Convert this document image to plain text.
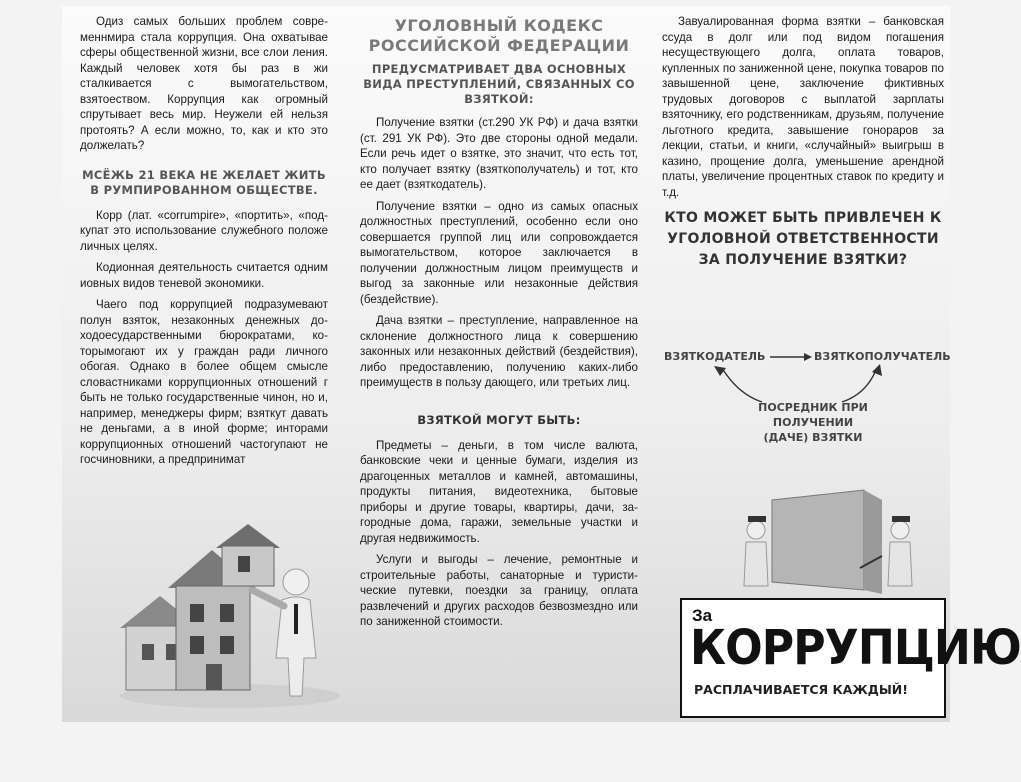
Одиз самых больших проблем современнмира стала коррупция. Она охватывае сферы общественной жизни, все слои ления. Каждый человек хотя бы раз в жи сталкивается с вымогательством, взятоеством. Коррупция как огромный спрутывает весь мир. Неужели ей нельзя протоять? А если можно, то, как и кто это должелать?

МСЁЖЬ 21 ВЕКА НЕ ЖЕЛАЕТ ЖИТЬ В РУМПИРОВАННОМ ОБЩЕСТВЕ.

Корр (лат. «corrumpire», «портить», «подкупат это использование служебного положе личных целях.

Кодионная деятельность считается одним иовных видов теневой экономики.

Чаего под коррупцией подразумевают полун взяток, незаконных денежных доходоесударственными бюрократами, которымогают их у граждан ради личного обогая. Однако в более общем смысле словастниками коррупционных отношений г быть не только государственные чинон, но и, например, менеджеры фирм; взяткут давать не деньгами, а в иной форме; инторами коррупционных отношений частогупают не госчиновники, а предпринимат

УГОЛОВНЫЙ КОДЕКС РОССИЙСКОЙ ФЕДЕРАЦИИ
ПРЕДУСМАТРИВАЕТ ДВА ОСНОВНЫХ ВИДА ПРЕСТУПЛЕНИЙ, СВЯЗАННЫХ СО ВЗЯТКОЙ:

Получение взятки (ст.290 УК РФ) и дача взятки (ст. 291 УК РФ). Это две стороны одной медали. Если речь идет о взятке, это значит, что есть тот, кто получает взятку (взяткополучатель) и тот, кто ее дает (взяткодатель).

Получение взятки – одно из самых опасных должностных преступлений, особенно если оно совершается группой лиц или сопровождается вымогательством, которое заключается в получении должностным лицом преимуществ и выгод за законные или незаконные действия (бездействие).

Дача взятки – преступление, направленное на склонение должностного лица к совершению законных или незаконных действий (бездействия), либо предоставлению, получению каких-либо преимуществ в пользу дающего, или третьих лиц.

ВЗЯТКОЙ МОГУТ БЫТЬ:

Предметы – деньги, в том числе валюта, банковские чеки и ценные бумаги, изделия из драгоценных металлов и камней, автомашины, продукты питания, видеотехника, бытовые приборы и другие товары, квартиры, дачи, загородные дома, гаражи, земельные участки и другая недвижимость.

Услуги и выгоды – лечение, ремонтные и строительные работы, санаторные и туристические путевки, поездки за границу, оплата развлечений и других расходов безвозмездно или по заниженной стоимости.

Завуалированная форма взятки – банковская ссуда в долг или под видом погашения несуществующего долга, оплата товаров, купленных по заниженной цене, покупка товаров по завышенной цене, заключение фиктивных трудовых договоров с выплатой зарплаты взяточнику, его родственникам, друзьям, получение льготного кредита, завышение гонораров за лекции, статьи, и книги, «случайный» выигрыш в казино, прощение долга, уменьшение арендной платы, увеличение процентных ставок по кредиту и т.д.

КТО МОЖЕТ БЫТЬ ПРИВЛЕЧЕН К УГОЛОВНОЙ ОТВЕТСТВЕННОСТИ ЗА ПОЛУЧЕНИЕ ВЗЯТКИ?
ВЗЯТКОДАТЕЛЬ	ВЗЯТКОПОЛУЧАТЕЛЬ
ПОСРЕДНИК ПРИ ПОЛУЧЕНИИ (ДАЧЕ) ВЗЯТКИ
За
КОРРУПЦИЮ
РАСПЛАЧИВАЕТСЯ КАЖДЫЙ!
